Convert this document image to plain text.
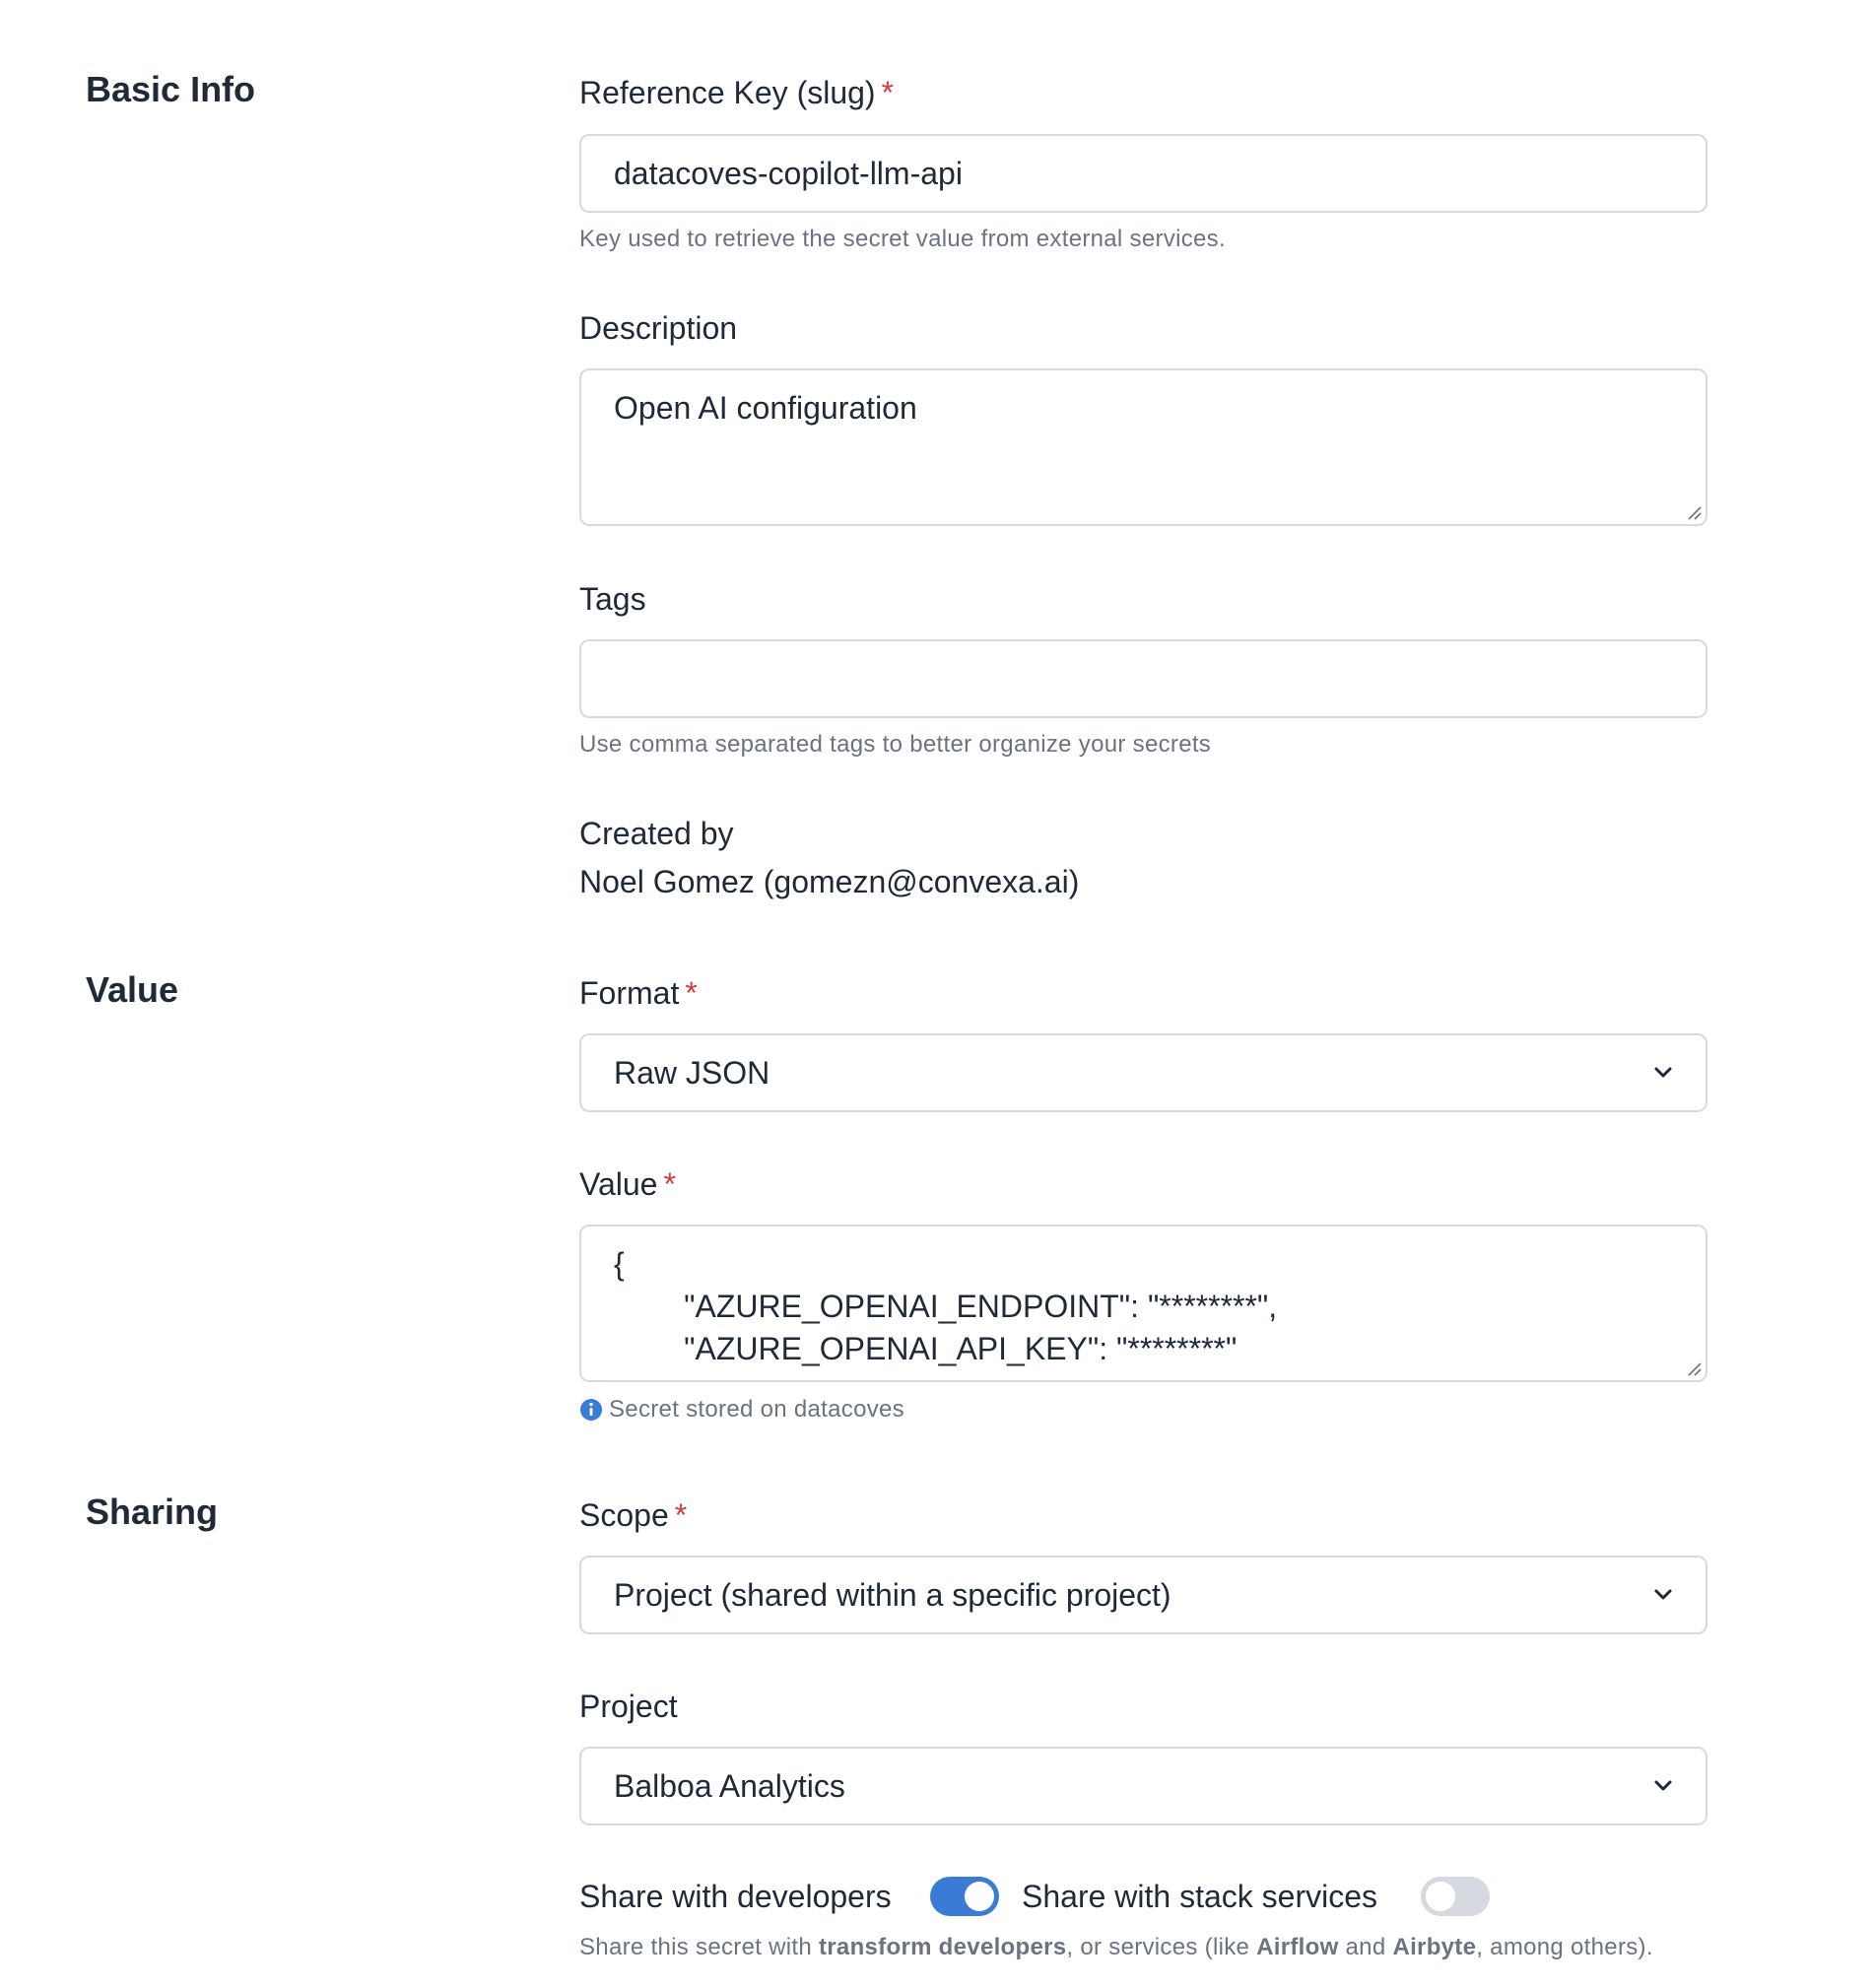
Basic Info	Reference Key (slug) *
datacoves-copilot-llm-api
Key used to retrieve the secret value from external services.
Description
Open AI configuration
Tags
Use comma separated tags to better organize your secrets
Created by
Noel Gomez (gomezn@convexa.ai)
Value	Format *
Raw JSON
Value *
{
"AZURE_OPENAI_ENDPOINT": "********",
"AZURE_OPENAI_API_KEY": "********"
Secret stored on datacoves
Sharing	Scope *
Project (shared within a specific project)
Project
Balboa Analytics
Share with developers	Share with stack services
Share this secret with transform developers, or services (like Airflow and Airbyte, among others).
